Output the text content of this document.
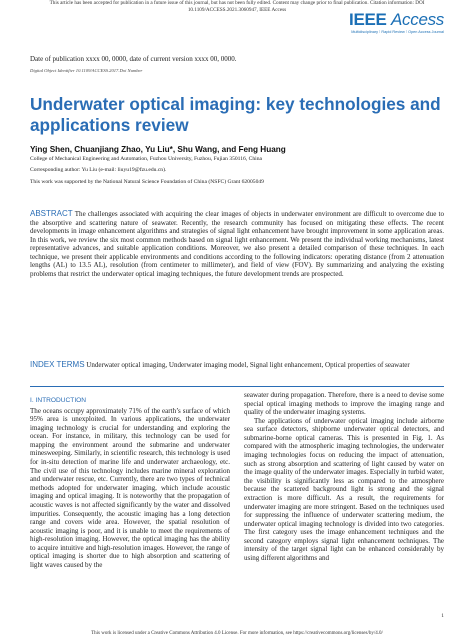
This article has been accepted for publication in a future issue of this journal, but has not been fully edited. Content may change prior to final publication. Citation information: DOI
10.1109/ACCESS.2021.3060947, IEEE Access
IEEE Access
Multidisciplinary ⁝ Rapid Review ⁝ Open Access Journal
Date of publication xxxx 00, 0000, date of current version xxxx 00, 0000.
Digital Object Identifier 10.1109/ACCESS.2017.Doi Number
Underwater optical imaging: key technologies and applications review
Ying Shen, Chuanjiang Zhao, Yu Liu*, Shu Wang, and Feng Huang
College of Mechanical Engineering and Automation, Fuzhou University, Fuzhou, Fujian 350116, China
Corresponding author: Yu Liu (e-mail: liuyu19@fzu.edu.cn).
This work was supported by the National Natural Science Foundation of China (NSFC) Grant 62005049

ABSTRACT The challenges associated with acquiring the clear images of objects in underwater environment are difficult to overcome due to the absorptive and scattering nature of seawater. Recently, the research community has focused on mitigating these effects. The recent developments in image enhancement algorithms and strategies of signal light enhancement have brought improvement in some application areas. In this work, we review the six most common methods based on signal light enhancement. We present the individual working mechanisms, latest representative advances, and suitable application conditions. Moreover, we also present a detailed comparison of these techniques. In each technique, we present their applicable environments and conditions according to the following indicators: operating distance (from 2 attenuation lengths (AL) to 13.5 AL), resolution (from centimeter to millimeter), and field of view (FOV). By summarizing and analyzing the existing problems that restrict the underwater optical imaging techniques, the future development trends are prospected.

INDEX TERMS Underwater optical imaging, Underwater imaging model, Signal light enhancement, Optical properties of seawater

I. INTRODUCTION

The oceans occupy approximately 71% of the earth’s surface of which 95% area is unexploited. In various applications, the underwater imaging technology is crucial for understanding and exploring the ocean. For instance, in military, this technology can be used for mapping the environment around the submarine and underwater minesweeping. Similarly, in scientific research, this technology is used for in-situ detection of marine life and underwater archaeology, etc. The civil use of this technology includes marine mineral exploration and underwater rescue, etc. Currently, there are two types of technical methods adopted for underwater imaging, which include acoustic imaging and optical imaging. It is noteworthy that the propagation of acoustic waves is not affected significantly by the water and dissolved impurities. Consequently, the acoustic imaging has a long detection range and covers wide area. However, the spatial resolution of acoustic imaging is poor, and it is unable to meet the requirements of high-resolution imaging. However, the optical imaging has the ability to acquire intuitive and high-resolution images. However, the range of optical imaging is shorter due to high absorption and scattering of light waves caused by the

seawater during propagation. Therefore, there is a need to devise some special optical imaging methods to improve the imaging range and quality of the underwater imaging systems.

The applications of underwater optical imaging include airborne sea surface detectors, shipborne underwater optical detectors, and submarine-borne optical cameras. This is presented in Fig. 1. As compared with the atmospheric imaging technologies, the underwater imaging technologies focus on reducing the impact of attenuation, such as strong absorption and scattering of light caused by water on the image quality of the underwater images. Especially in turbid water, the visibility is significantly less as compared to the atmosphere because the scattered background light is strong and the signal extraction is more difficult. As a result, the requirements for underwater imaging are more stringent. Based on the techniques used for suppressing the influence of underwater scattering medium, the underwater optical imaging technology is divided into two categories. The first category uses the image enhancement techniques and the second category employs signal light enhancement techniques. The intensity of the target signal light can be enhanced considerably by using different algorithms and

1
This work is licensed under a Creative Commons Attribution 4.0 License. For more information, see https://creativecommons.org/licenses/by/4.0/
